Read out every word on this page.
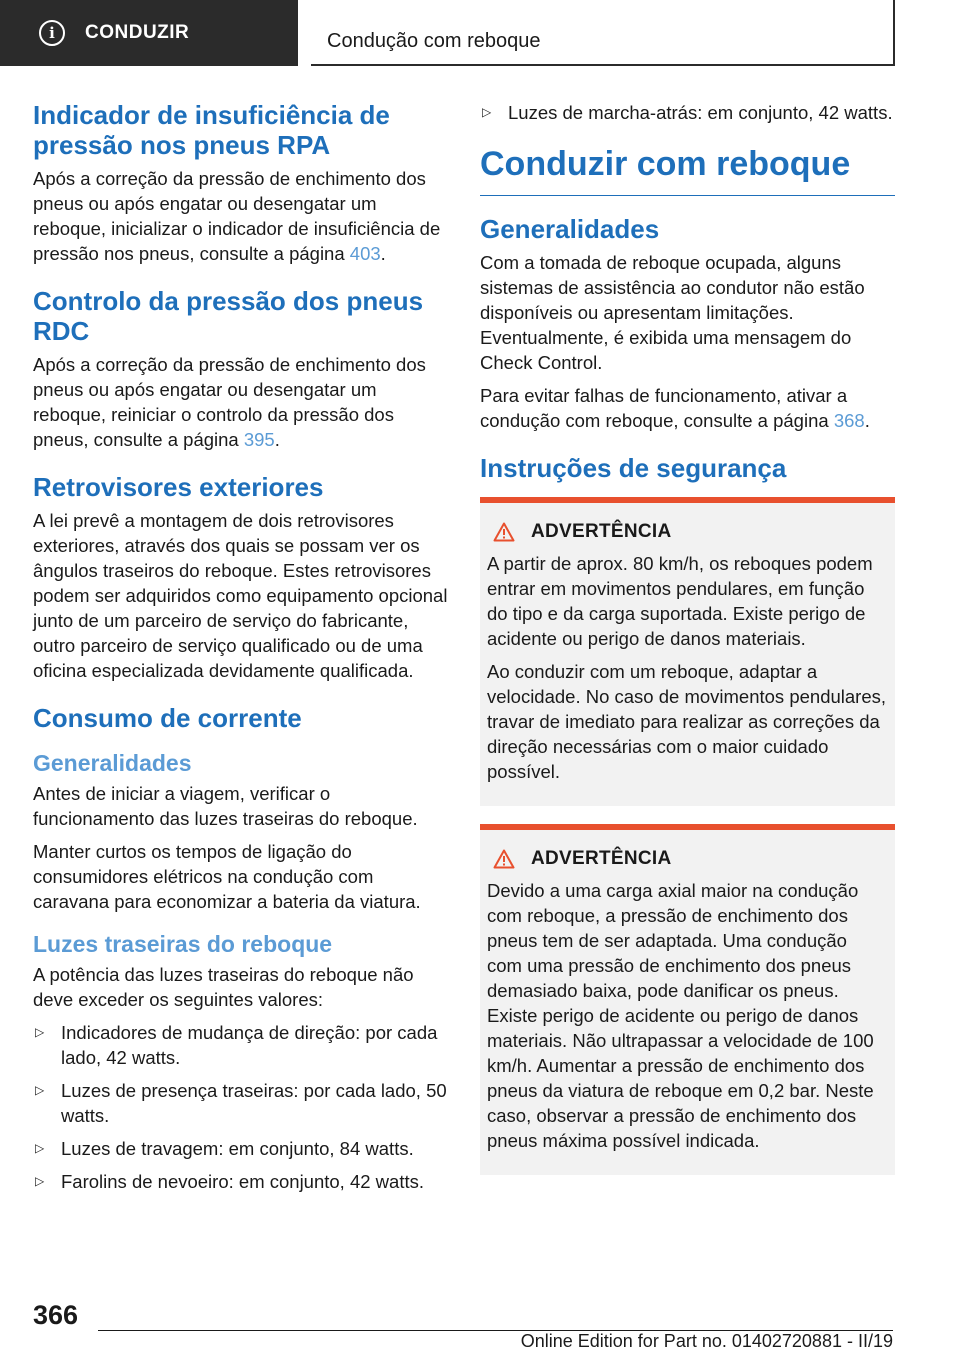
i	CONDUZIR	Condução com reboque
Indicador de insuficiência de pressão nos pneus RPA

Após a correção da pressão de enchimento dos pneus ou após engatar ou desengatar um reboque, inicializar o indicador de insuficiência de pressão nos pneus, consulte a página 403.

Controlo da pressão dos pneus RDC

Após a correção da pressão de enchimento dos pneus ou após engatar ou desengatar um reboque, reiniciar o controlo da pressão dos pneus, consulte a página 395.

Retrovisores exteriores

A lei prevê a montagem de dois retrovisores exteriores, através dos quais se possam ver os ângulos traseiros do reboque. Estes retrovisores podem ser adquiridos como equipamento opcional junto de um parceiro de serviço do fabricante, outro parceiro de serviço qualificado ou de uma oficina especializada devidamente qualificada.

Consumo de corrente
Generalidades

Antes de iniciar a viagem, verificar o funcionamento das luzes traseiras do reboque.

Manter curtos os tempos de ligação do consumidores elétricos na condução com caravana para economizar a bateria da viatura.

Luzes traseiras do reboque

A potência das luzes traseiras do reboque não deve exceder os seguintes valores:

▷ Indicadores de mudança de direção: por cada lado, 42 watts.
▷ Luzes de presença traseiras: por cada lado, 50 watts.
▷ Luzes de travagem: em conjunto, 84 watts.
▷ Farolins de nevoeiro: em conjunto, 42 watts.
▷ Luzes de marcha-atrás: em conjunto, 42 watts.
Conduzir com reboque
Generalidades

Com a tomada de reboque ocupada, alguns sistemas de assistência ao condutor não estão disponíveis ou apresentam limitações. Eventualmente, é exibida uma mensagem do Check Control.

Para evitar falhas de funcionamento, ativar a condução com reboque, consulte a página 368.

Instruções de segurança
ADVERTÊNCIA

A partir de aprox. 80 km/h, os reboques podem entrar em movimentos pendulares, em função do tipo e da carga suportada. Existe perigo de acidente ou perigo de danos materiais.

Ao conduzir com um reboque, adaptar a velocidade. No caso de movimentos pendulares, travar de imediato para realizar as correções da direção necessárias com o maior cuidado possível.

ADVERTÊNCIA

Devido a uma carga axial maior na condução com reboque, a pressão de enchimento dos pneus tem de ser adaptada. Uma condução com uma pressão de enchimento dos pneus demasiado baixa, pode danificar os pneus. Existe perigo de acidente ou perigo de danos materiais. Não ultrapassar a velocidade de 100 km/h. Aumentar a pressão de enchimento dos pneus da viatura de reboque em 0,2 bar. Neste caso, observar a pressão de enchimento dos pneus máxima possível indicada.

366
Online Edition for Part no. 01402720881 - II/19
